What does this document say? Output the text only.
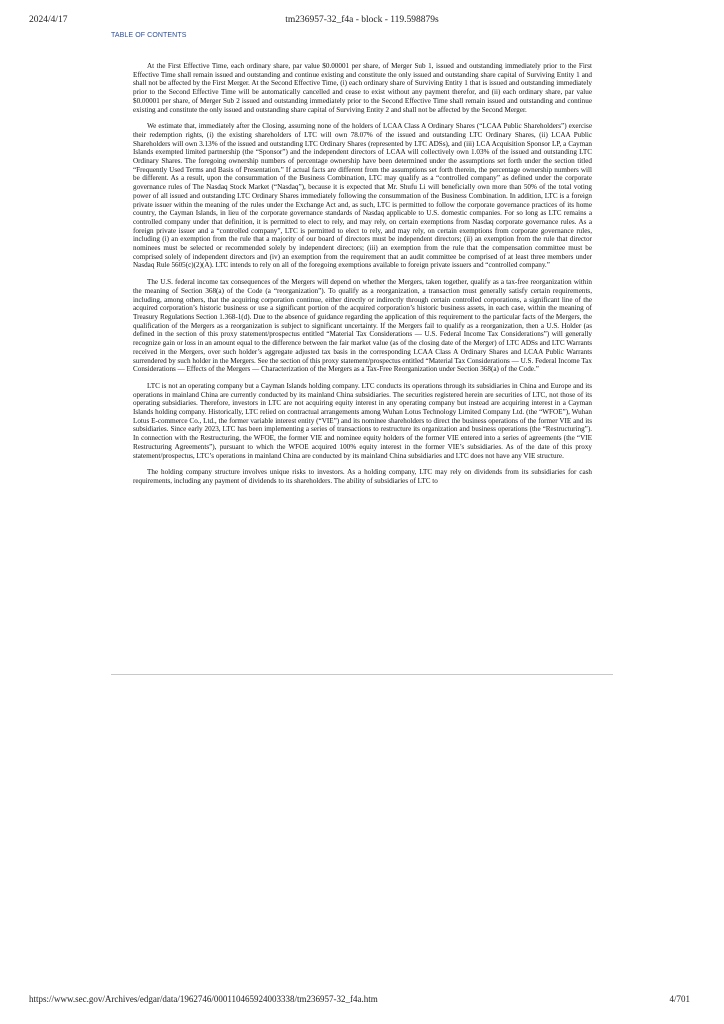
2024/4/17	tm236957-32_f4a - block - 119.598879s
TABLE OF CONTENTS

At the First Effective Time, each ordinary share, par value $0.00001 per share, of Merger Sub 1, issued and outstanding immediately prior to the First Effective Time shall remain issued and outstanding and continue existing and constitute the only issued and outstanding share capital of Surviving Entity 1 and shall not be affected by the First Merger. At the Second Effective Time, (i) each ordinary share of Surviving Entity 1 that is issued and outstanding immediately prior to the Second Effective Time will be automatically cancelled and cease to exist without any payment therefor, and (ii) each ordinary share, par value $0.00001 per share, of Merger Sub 2 issued and outstanding immediately prior to the Second Effective Time shall remain issued and outstanding and continue existing and constitute the only issued and outstanding share capital of Surviving Entity 2 and shall not be affected by the Second Merger.

We estimate that, immediately after the Closing, assuming none of the holders of LCAA Class A Ordinary Shares (“LCAA Public Shareholders”) exercise their redemption rights, (i) the existing shareholders of LTC will own 78.07% of the issued and outstanding LTC Ordinary Shares, (ii) LCAA Public Shareholders will own 3.13% of the issued and outstanding LTC Ordinary Shares (represented by LTC ADSs), and (iii) LCA Acquisition Sponsor LP, a Cayman Islands exempted limited partnership (the “Sponsor”) and the independent directors of LCAA will collectively own 1.03% of the issued and outstanding LTC Ordinary Shares. The foregoing ownership numbers of percentage ownership have been determined under the assumptions set forth under the section titled “Frequently Used Terms and Basis of Presentation.” If actual facts are different from the assumptions set forth therein, the percentage ownership numbers will be different. As a result, upon the consummation of the Business Combination, LTC may qualify as a “controlled company” as defined under the corporate governance rules of The Nasdaq Stock Market (“Nasdaq”), because it is expected that Mr. Shufu Li will beneficially own more than 50% of the total voting power of all issued and outstanding LTC Ordinary Shares immediately following the consummation of the Business Combination. In addition, LTC is a foreign private issuer within the meaning of the rules under the Exchange Act and, as such, LTC is permitted to follow the corporate governance practices of its home country, the Cayman Islands, in lieu of the corporate governance standards of Nasdaq applicable to U.S. domestic companies. For so long as LTC remains a controlled company under that definition, it is permitted to elect to rely, and may rely, on certain exemptions from Nasdaq corporate governance rules. As a foreign private issuer and a “controlled company”, LTC is permitted to elect to rely, and may rely, on certain exemptions from corporate governance rules, including (i) an exemption from the rule that a majority of our board of directors must be independent directors; (ii) an exemption from the rule that director nominees must be selected or recommended solely by independent directors; (iii) an exemption from the rule that the compensation committee must be comprised solely of independent directors and (iv) an exemption from the requirement that an audit committee be comprised of at least three members under Nasdaq Rule 5605(c)(2)(A). LTC intends to rely on all of the foregoing exemptions available to foreign private issuers and “controlled company.”

The U.S. federal income tax consequences of the Mergers will depend on whether the Mergers, taken together, qualify as a tax-free reorganization within the meaning of Section 368(a) of the Code (a “reorganization”). To qualify as a reorganization, a transaction must generally satisfy certain requirements, including, among others, that the acquiring corporation continue, either directly or indirectly through certain controlled corporations, a significant line of the acquired corporation’s historic business or use a significant portion of the acquired corporation’s historic business assets, in each case, within the meaning of Treasury Regulations Section 1.368-1(d). Due to the absence of guidance regarding the application of this requirement to the particular facts of the Mergers, the qualification of the Mergers as a reorganization is subject to significant uncertainty. If the Mergers fail to qualify as a reorganization, then a U.S. Holder (as defined in the section of this proxy statement/prospectus entitled “Material Tax Considerations — U.S. Federal Income Tax Considerations”) will generally recognize gain or loss in an amount equal to the difference between the fair market value (as of the closing date of the Merger) of LTC ADSs and LTC Warrants received in the Mergers, over such holder’s aggregate adjusted tax basis in the corresponding LCAA Class A Ordinary Shares and LCAA Public Warrants surrendered by such holder in the Mergers. See the section of this proxy statement/prospectus entitled “Material Tax Considerations — U.S. Federal Income Tax Considerations — Effects of the Mergers — Characterization of the Mergers as a Tax-Free Reorganization under Section 368(a) of the Code.”

LTC is not an operating company but a Cayman Islands holding company. LTC conducts its operations through its subsidiaries in China and Europe and its operations in mainland China are currently conducted by its mainland China subsidiaries. The securities registered herein are securities of LTC, not those of its operating subsidiaries. Therefore, investors in LTC are not acquiring equity interest in any operating company but instead are acquiring interest in a Cayman Islands holding company. Historically, LTC relied on contractual arrangements among Wuhan Lotus Technology Limited Company Ltd. (the “WFOE”), Wuhan Lotus E-commerce Co., Ltd., the former variable interest entity (“VIE”) and its nominee shareholders to direct the business operations of the former VIE and its subsidiaries. Since early 2023, LTC has been implementing a series of transactions to restructure its organization and business operations (the “Restructuring”). In connection with the Restructuring, the WFOE, the former VIE and nominee equity holders of the former VIE entered into a series of agreements (the “VIE Restructuring Agreements”), pursuant to which the WFOE acquired 100% equity interest in the former VIE’s subsidiaries. As of the date of this proxy statement/prospectus, LTC’s operations in mainland China are conducted by its mainland China subsidiaries and LTC does not have any VIE structure.

The holding company structure involves unique risks to investors. As a holding company, LTC may rely on dividends from its subsidiaries for cash requirements, including any payment of dividends to its shareholders. The ability of subsidiaries of LTC to

https://www.sec.gov/Archives/edgar/data/1962746/000110465924003338/tm236957-32_f4a.htm	4/701
